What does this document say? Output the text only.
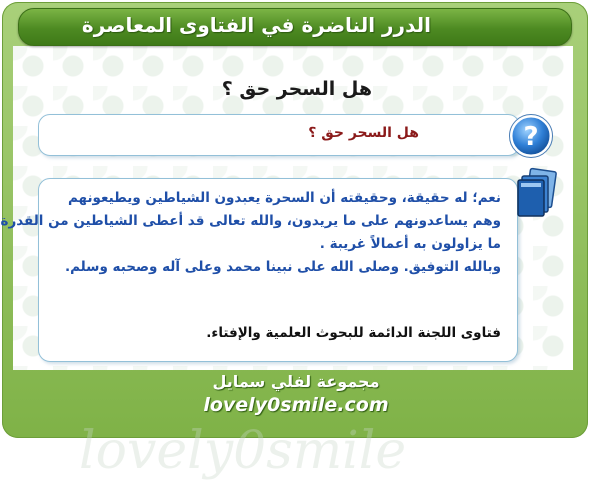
الدرر الناضرة في الفتاوى المعاصرة
هل السحر حق ؟
هل السحر حق ؟	?
lovely0smile

نعم؛ له حقيقة، وحقيقته أن السحرة يعبدون الشياطين ويطيعونهم

وهم يساعدونهم على ما يريدون، والله تعالى قد أعطى الشياطين من القدرة

ما يزاولون به أعمالاً غريبة .

وبالله التوفيق. وصلى الله على نبينا محمد وعلى آله وصحبه وسلم.

فتاوى اللجنة الدائمة للبحوث العلمية والإفتاء.
مجموعة لفلي سمايل
lovely0smile.com
